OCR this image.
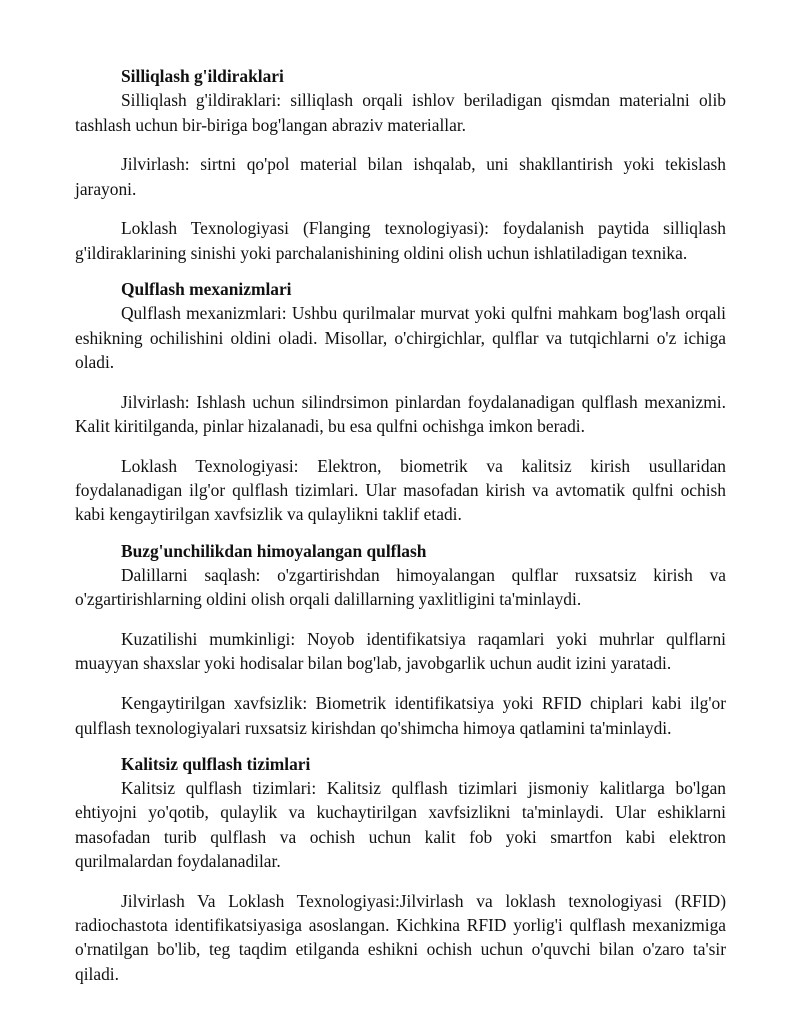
Silliqlash g'ildiraklari

Silliqlash g'ildiraklari: silliqlash orqali ishlov beriladigan qismdan materialni olib tashlash uchun bir-biriga bog'langan abraziv materiallar.

Jilvirlash: sirtni qo'pol material bilan ishqalab, uni shakllantirish yoki tekislash jarayoni.

Loklash Texnologiyasi (Flanging texnologiyasi): foydalanish paytida silliqlash g'ildiraklarining sinishi yoki parchalanishining oldini olish uchun ishlatiladigan texnika.

Qulflash mexanizmlari

Qulflash mexanizmlari: Ushbu qurilmalar murvat yoki qulfni mahkam bog'lash orqali eshikning ochilishini oldini oladi. Misollar, o'chirgichlar, qulflar va tutqichlarni o'z ichiga oladi.

Jilvirlash: Ishlash uchun silindrsimon pinlardan foydalanadigan qulflash mexanizmi. Kalit kiritilganda, pinlar hizalanadi, bu esa qulfni ochishga imkon beradi.

Loklash Texnologiyasi: Elektron, biometrik va kalitsiz kirish usullaridan foydalanadigan ilg'or qulflash tizimlari. Ular masofadan kirish va avtomatik qulfni ochish kabi kengaytirilgan xavfsizlik va qulaylikni taklif etadi.

Buzg'unchilikdan himoyalangan qulflash

Dalillarni saqlash: o'zgartirishdan himoyalangan qulflar ruxsatsiz kirish va o'zgartirishlarning oldini olish orqali dalillarning yaxlitligini ta'minlaydi.

Kuzatilishi mumkinligi: Noyob identifikatsiya raqamlari yoki muhrlar qulflarni muayyan shaxslar yoki hodisalar bilan bog'lab, javobgarlik uchun audit izini yaratadi.

Kengaytirilgan xavfsizlik: Biometrik identifikatsiya yoki RFID chiplari kabi ilg'or qulflash texnologiyalari ruxsatsiz kirishdan qo'shimcha himoya qatlamini ta'minlaydi.

Kalitsiz qulflash tizimlari

Kalitsiz qulflash tizimlari: Kalitsiz qulflash tizimlari jismoniy kalitlarga bo'lgan ehtiyojni yo'qotib, qulaylik va kuchaytirilgan xavfsizlikni ta'minlaydi. Ular eshiklarni masofadan turib qulflash va ochish uchun kalit fob yoki smartfon kabi elektron qurilmalardan foydalanadilar.

Jilvirlash Va Loklash Texnologiyasi:Jilvirlash va loklash texnologiyasi (RFID) radiochastota identifikatsiyasiga asoslangan. Kichkina RFID yorlig'i qulflash mexanizmiga o'rnatilgan bo'lib, teg taqdim etilganda eshikni ochish uchun o'quvchi bilan o'zaro ta'sir qiladi.
